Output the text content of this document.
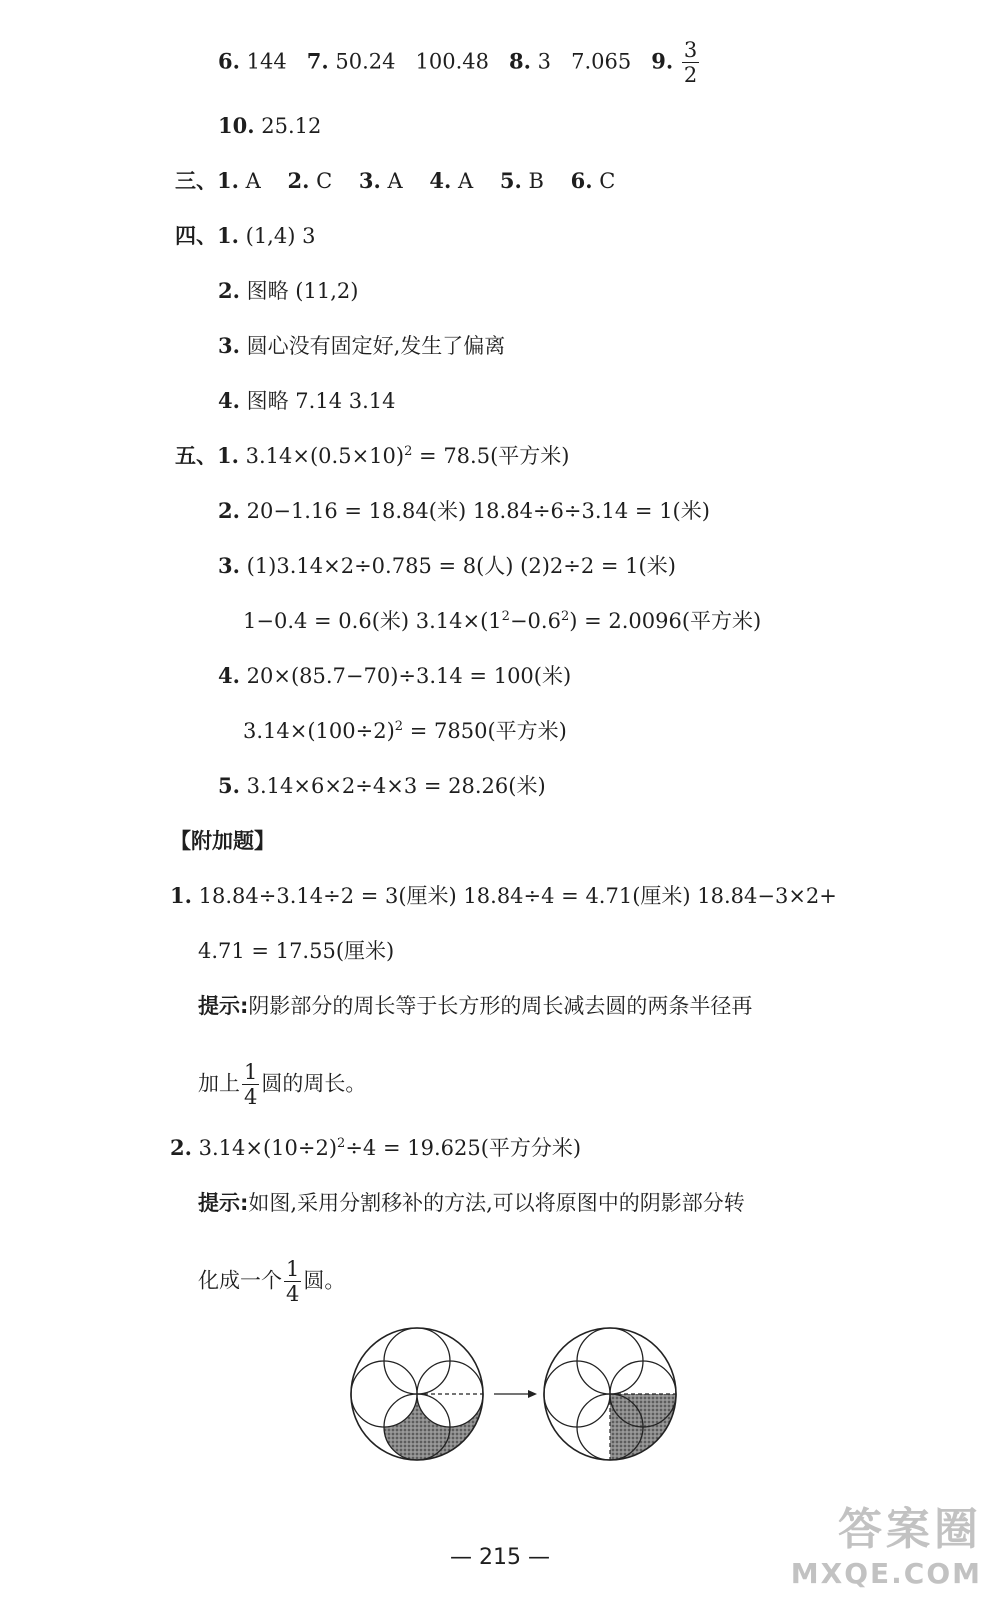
6. 144 7. 50.24 100.48 8. 3 7.065 9. $\frac{3}{2}$
10. 25.12
三、1. A 2. C 3. A 4. A 5. B 6. C
四、1. (1,4) 3
2. 图略 (11,2)
3. 圆心没有固定好,发生了偏离
4. 图略 7.14 3.14
五、1. $3.14\times(0.5\times 10)^2 = 78.5$(平方米)
2. 20−1.16 = 18.84(米) 18.84÷6÷3.14 = 1(米)
3. (1)3.14×2÷0.785 = 8(人) (2)2÷2 = 1(米)
1−0.4 = 0.6(米) $3.14\times(1^2-0.6^2) = 2.0096$(平方米)
4. 20×(85.7−70)÷3.14 = 100(米)
$3.14\times(100\div 2)^2 = 7850$(平方米)
5. 3.14×6×2÷4×3 = 28.26(米)
【附加题】
1. 18.84÷3.14÷2 = 3(厘米) 18.84÷4 = 4.71(厘米) 18.84−3×2+
4.71 = 17.55(厘米)
提示:阴影部分的周长等于长方形的周长减去圆的两条半径再
加上 $\frac{1}{4}$ 圆的周长。
2. $3.14\times(10\div 2)^2\div 4 = 19.625$(平方分米)
提示:如图,采用分割移补的方法,可以将原图中的阴影部分转
化成一个 $\frac{1}{4}$ 圆。
— 215 —
答案圈
MXQE.COM
